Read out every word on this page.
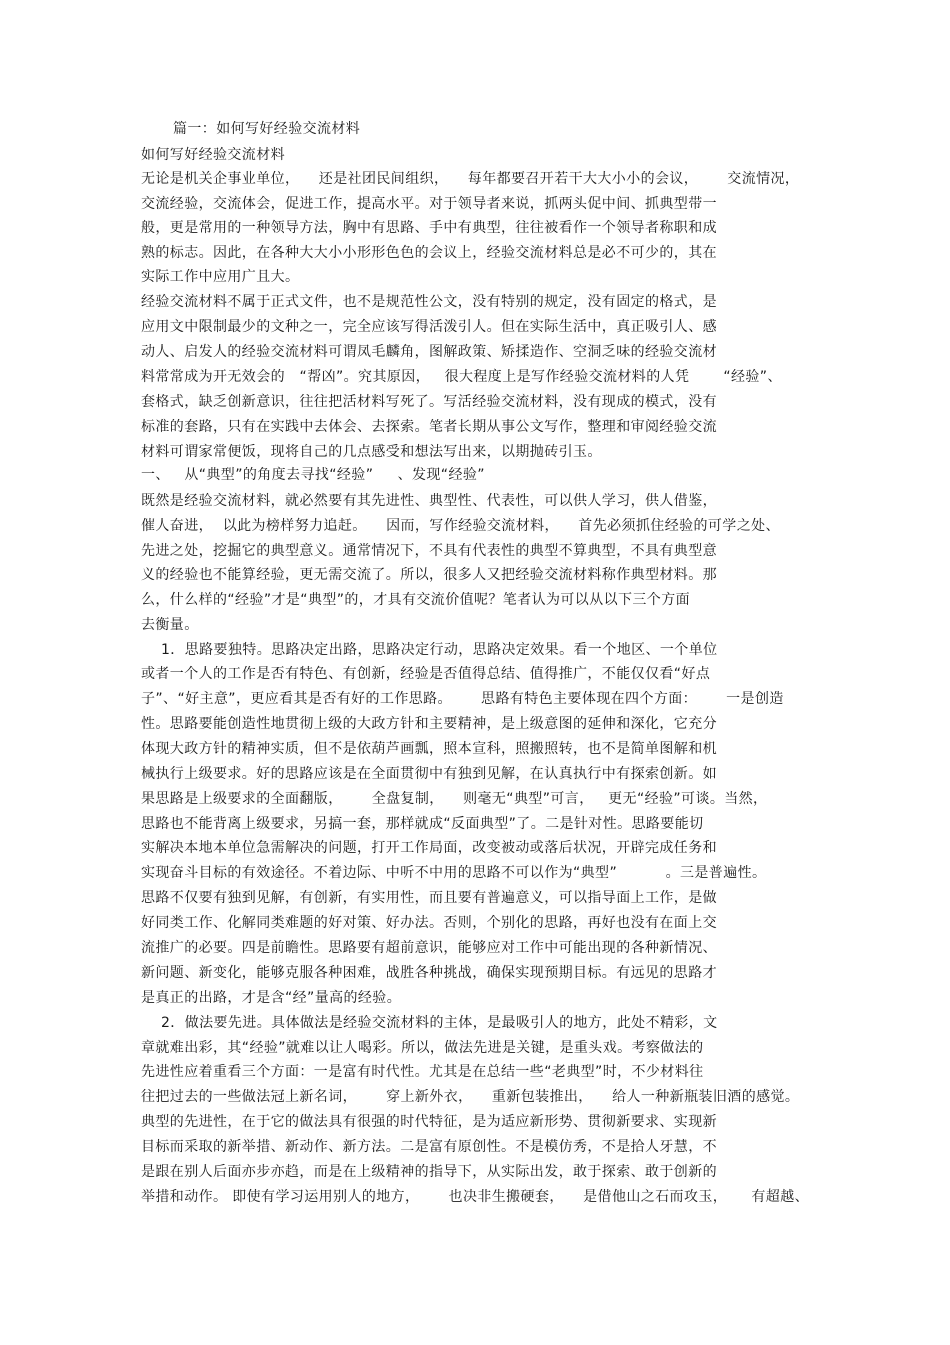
篇一：如何写好经验交流材料
如何写好经验交流材料
无论是机关企事业单位，    还是社团民间组织，    每年都要召开若干大大小小的会议，      交流情况，
交流经验，交流体会，促进工作，提高水平。对于领导者来说，抓两头促中间、抓典型带一
般，更是常用的一种领导方法，胸中有思路、手中有典型，往往被看作一个领导者称职和成
熟的标志。因此，在各种大大小小形形色色的会议上，经验交流材料总是必不可少的，其在
实际工作中应用广且大。
经验交流材料不属于正式文件，也不是规范性公文，没有特别的规定，没有固定的格式，是
应用文中限制最少的文种之一，完全应该写得活泼引人。但在实际生活中，真正吸引人、感
动人、启发人的经验交流材料可谓凤毛麟角，图解政策、矫揉造作、空洞乏味的经验交流材
料常常成为开无效会的   “帮凶”。究其原因，   很大程度上是写作经验交流材料的人凭       “经验”、
套格式，缺乏创新意识，往往把活材料写死了。写活经验交流材料，没有现成的模式，没有
标准的套路，只有在实践中去体会、去探索。笔者长期从事公文写作，整理和审阅经验交流
材料可谓家常便饭，现将自己的几点感受和想法写出来，以期抛砖引玉。
一、   从“典型”的角度去寻找“经验”     、发现“经验”
既然是经验交流材料，就必然要有其先进性、典型性、代表性，可以供人学习，供人借鉴，
催人奋进，  以此为榜样努力追赶。    因而，写作经验交流材料，    首先必须抓住经验的可学之处、
先进之处，挖掘它的典型意义。通常情况下，不具有代表性的典型不算典型，不具有典型意
义的经验也不能算经验，更无需交流了。所以，很多人又把经验交流材料称作典型材料。那
么，什么样的“经验”才是“典型”的，才具有交流价值呢？笔者认为可以从以下三个方面
去衡量。
1．思路要独特。思路决定出路，思路决定行动，思路决定效果。看一个地区、一个单位
或者一个人的工作是否有特色、有创新，经验是否值得总结、值得推广，不能仅仅看“好点
子”、“好主意”，更应看其是否有好的工作思路。      思路有特色主要体现在四个方面：      一是创造
性。思路要能创造性地贯彻上级的大政方针和主要精神，是上级意图的延伸和深化，它充分
体现大政方针的精神实质，但不是依葫芦画瓢，照本宣科，照搬照转，也不是简单图解和机
械执行上级要求。好的思路应该是在全面贯彻中有独到见解，在认真执行中有探索创新。如
果思路是上级要求的全面翻版，      全盘复制，    则毫无“典型”可言，   更无“经验”可谈。当然，
思路也不能背离上级要求，另搞一套，那样就成“反面典型”了。二是针对性。思路要能切
实解决本地本单位急需解决的问题，打开工作局面，改变被动或落后状况，开辟完成任务和
实现奋斗目标的有效途径。不着边际、中听不中用的思路不可以作为“典型”          。三是普遍性。
思路不仅要有独到见解，有创新，有实用性，而且要有普遍意义，可以指导面上工作，是做
好同类工作、化解同类难题的好对策、好办法。否则，个别化的思路，再好也没有在面上交
流推广的必要。四是前瞻性。思路要有超前意识，能够应对工作中可能出现的各种新情况、
新问题、新变化，能够克服各种困难，战胜各种挑战，确保实现预期目标。有远见的思路才
是真正的出路，才是含“经”量高的经验。
2．做法要先进。具体做法是经验交流材料的主体，是最吸引人的地方，此处不精彩，文
章就难出彩，其“经验”就难以让人喝彩。所以，做法先进是关键，是重头戏。考察做法的
先进性应着重看三个方面：一是富有时代性。尤其是在总结一些“老典型”时，不少材料往
往把过去的一些做法冠上新名词，      穿上新外衣，    重新包装推出，    给人一种新瓶装旧酒的感觉。
典型的先进性，在于它的做法具有很强的时代特征，是为适应新形势、贯彻新要求、实现新
目标而采取的新举措、新动作、新方法。二是富有原创性。不是模仿秀，不是拾人牙慧，不
是跟在别人后面亦步亦趋，而是在上级精神的指导下，从实际出发，敢于探索、敢于创新的
举措和动作。 即使有学习运用别人的地方，      也决非生搬硬套，    是借他山之石而攻玉，     有超越、
